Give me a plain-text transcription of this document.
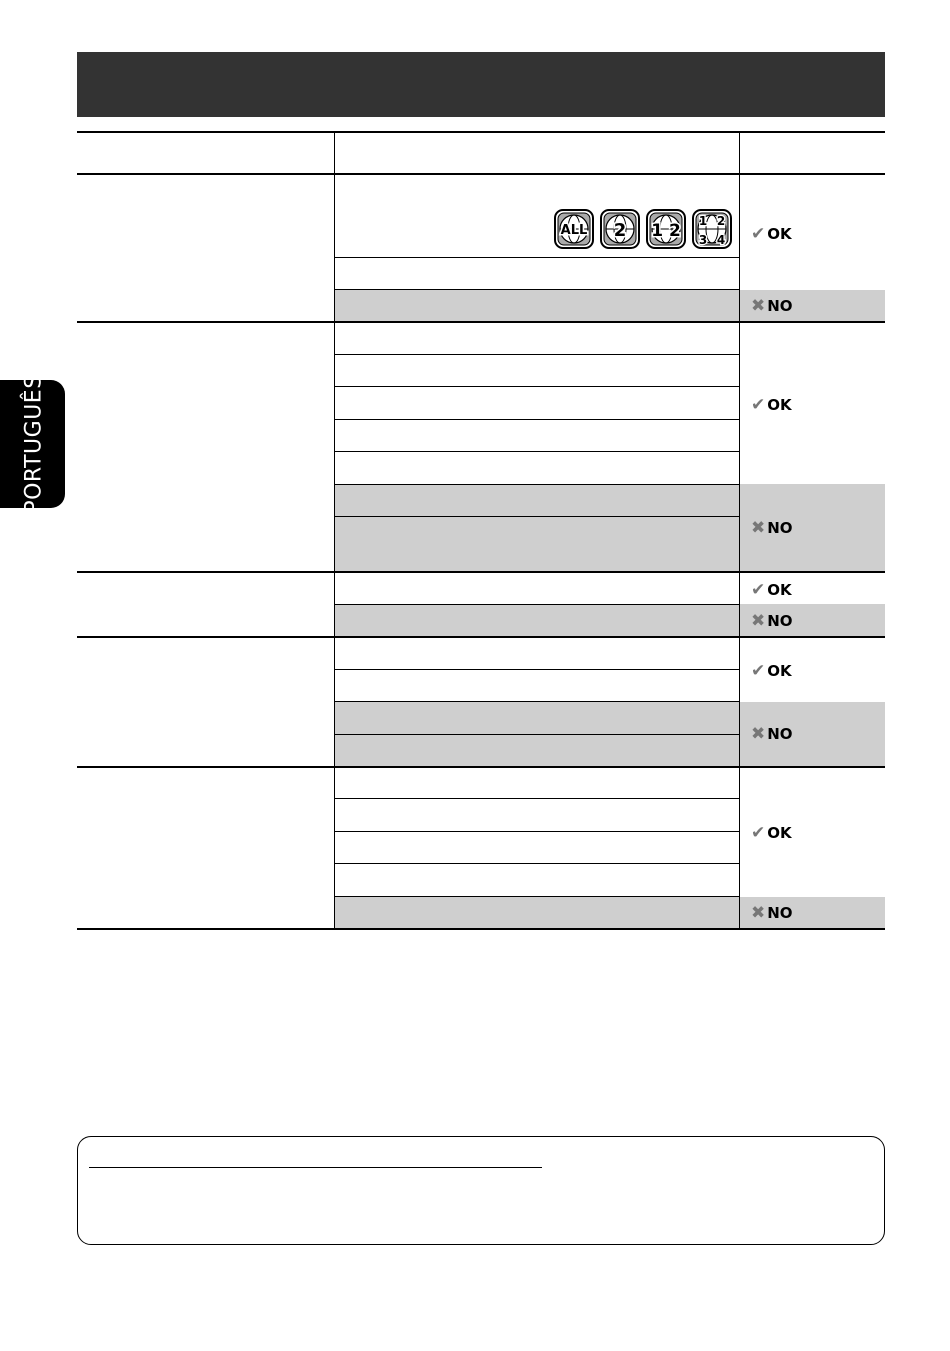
PORTUGUÊS
ALL 2 1 2 1 2
3 4 ✔ OK
✖ NO
✔ OK
✖ NO
✔ OK
✖ NO
✔ OK
✖ NO
✔ OK
✖ NO
